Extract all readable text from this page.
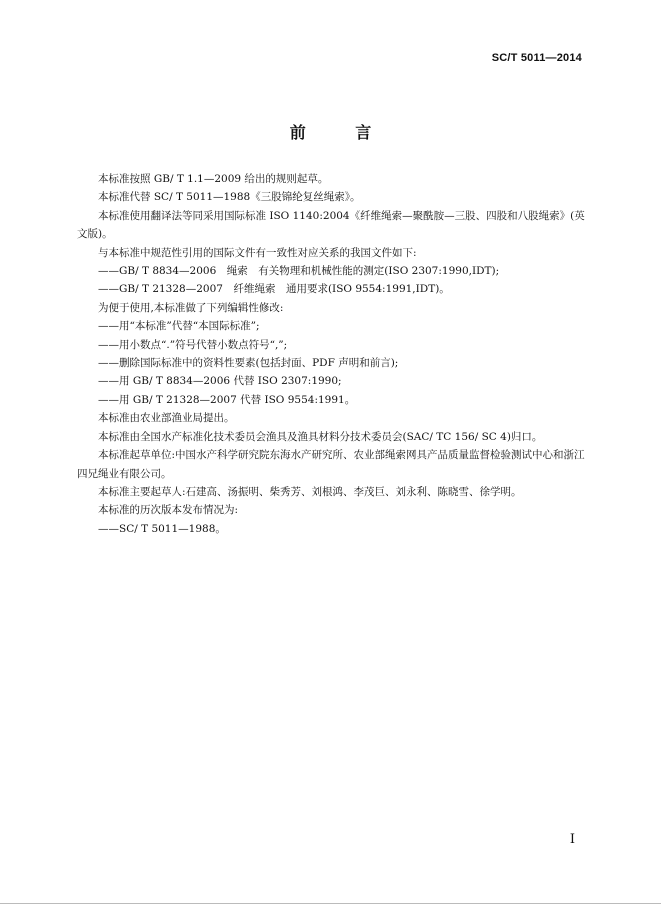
SC/T 5011—2014
前 言

本标准按照 GB/ T 1.1—2009 给出的规则起草。

本标准代替 SC/ T 5011—1988《三股锦纶复丝绳索》。

本标准使用翻译法等同采用国际标准 ISO 1140:2004《纤维绳索—聚酰胺—三股、四股和八股绳索》(英文版)。

与本标准中规范性引用的国际文件有一致性对应关系的我国文件如下:

——GB/ T 8834—2006　绳索　有关物理和机械性能的测定(ISO 2307:1990,IDT);

——GB/ T 21328—2007　纤维绳索　通用要求(ISO 9554:1991,IDT)。

为便于使用,本标准做了下列编辑性修改:

——用“本标准”代替“本国际标准”;

——用小数点“.”符号代替小数点符号“,”;

——删除国际标准中的资料性要素(包括封面、PDF 声明和前言);

——用 GB/ T 8834—2006 代替 ISO 2307:1990;

——用 GB/ T 21328—2007 代替 ISO 9554:1991。

本标准由农业部渔业局提出。

本标准由全国水产标准化技术委员会渔具及渔具材料分技术委员会(SAC/ TC 156/ SC 4)归口。

本标准起草单位:中国水产科学研究院东海水产研究所、农业部绳索网具产品质量监督检验测试中心和浙江四兄绳业有限公司。

本标准主要起草人:石建高、汤振明、柴秀芳、刘根鸿、李茂巨、刘永利、陈晓雪、徐学明。

本标准的历次版本发布情况为:

——SC/ T 5011—1988。

I
